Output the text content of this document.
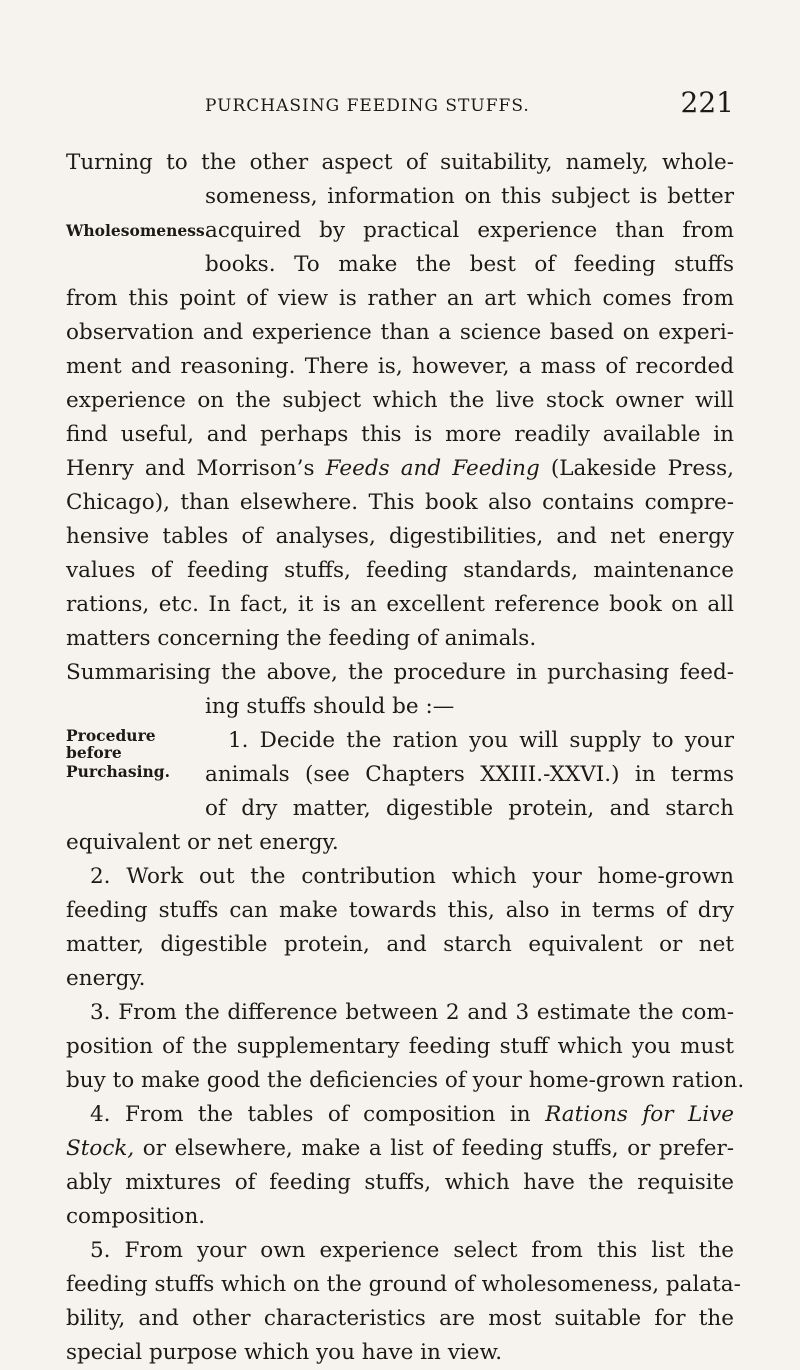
PURCHASING FEEDING STUFFS.	221
Turning to the other aspect of suitability, namely, whole-
someness, information on this subject is better
Wholesomeness.
acquired by practical experience than from
books. To make the best of feeding stuffs
from this point of view is rather an art which comes from
observation and experience than a science based on experi-
ment and reasoning. There is, however, a mass of recorded
experience on the subject which the live stock owner will
find useful, and perhaps this is more readily available in
Henry and Morrison’s Feeds and Feeding (Lakeside Press,
Chicago), than elsewhere. This book also contains compre-
hensive tables of analyses, digestibilities, and net energy
values of feeding stuffs, feeding standards, maintenance
rations, etc. In fact, it is an excellent reference book on all
matters concerning the feeding of animals.
Summarising the above, the procedure in purchasing feed-
ing stuffs should be :—
Procedure
before
Purchasing.
1. Decide the ration you will supply to your
animals (see Chapters XXIII.-XXVI.) in terms
of dry matter, digestible protein, and starch
equivalent or net energy.
2. Work out the contribution which your home-grown
feeding stuffs can make towards this, also in terms of dry
matter, digestible protein, and starch equivalent or net
energy.
3. From the difference between 2 and 3 estimate the com-
position of the supplementary feeding stuff which you must
buy to make good the deficiencies of your home-grown ration.
4. From the tables of composition in Rations for Live
Stock, or elsewhere, make a list of feeding stuffs, or prefer-
ably mixtures of feeding stuffs, which have the requisite
composition.
5. From your own experience select from this list the
feeding stuffs which on the ground of wholesomeness, palata-
bility, and other characteristics are most suitable for the
special purpose which you have in view.
